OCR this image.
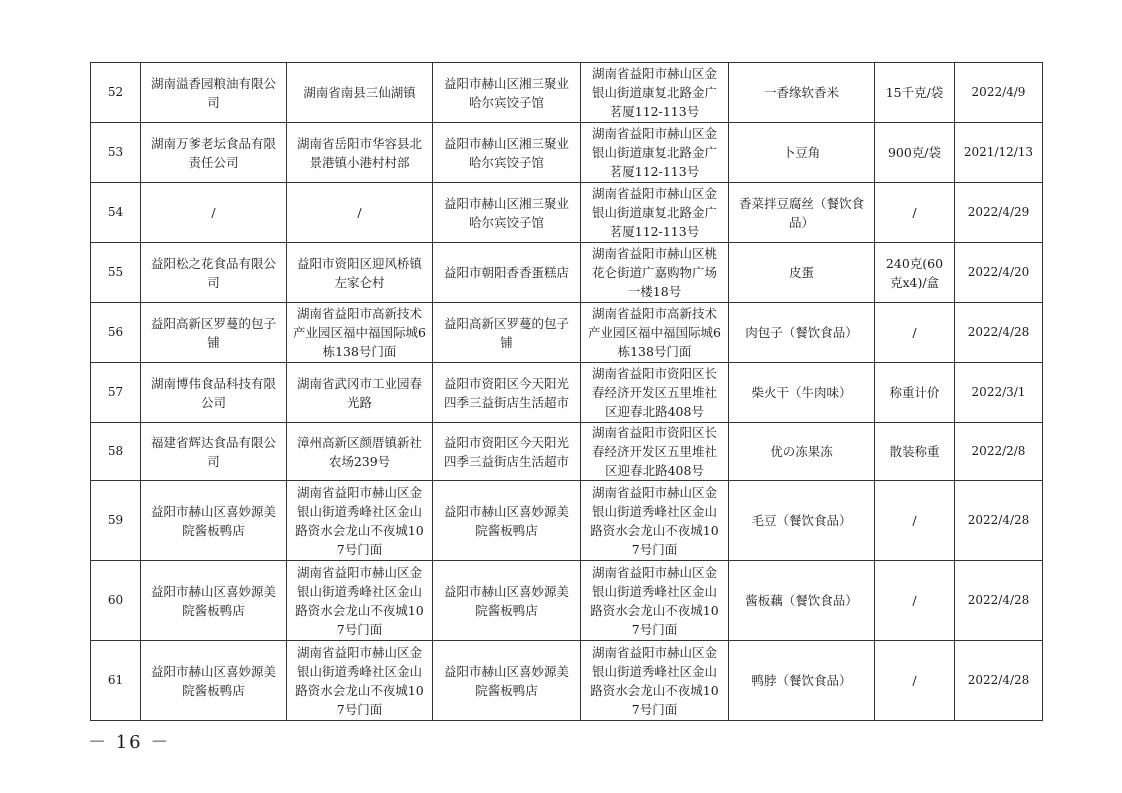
52	湖南溢香园粮油有限公司	湖南省南县三仙湖镇	益阳市赫山区湘三聚业哈尔宾饺子馆	湖南省益阳市赫山区金银山街道康复北路金广茗厦112-113号	一香缘软香米	15千克/袋	2022/4/9
53	湖南万爹老坛食品有限责任公司	湖南省岳阳市华容县北景港镇小港村村部	益阳市赫山区湘三聚业哈尔宾饺子馆	湖南省益阳市赫山区金银山街道康复北路金广茗厦112-113号	卜豆角	900克/袋	2021/12/13
54	/	/	益阳市赫山区湘三聚业哈尔宾饺子馆	湖南省益阳市赫山区金银山街道康复北路金广茗厦112-113号	香菜拌豆腐丝（餐饮食品）	/	2022/4/29
55	益阳松之花食品有限公司	益阳市资阳区迎风桥镇左家仑村	益阳市朝阳香香蛋糕店	湖南省益阳市赫山区桃花仑街道广嘉购物广场一楼18号	皮蛋	240克(60克x4)/盒	2022/4/20
56	益阳高新区罗蔓的包子铺	湖南省益阳市高新技术产业园区福中福国际城6栋138号门面	益阳高新区罗蔓的包子铺	湖南省益阳市高新技术产业园区福中福国际城6栋138号门面	肉包子（餐饮食品）	/	2022/4/28
57	湖南博伟食品科技有限公司	湖南省武冈市工业园春光路	益阳市资阳区今天阳光四季三益街店生活超市	湖南省益阳市资阳区长春经济开发区五里堆社区迎春北路408号	柴火干（牛肉味）	称重计价	2022/3/1
58	福建省辉达食品有限公司	漳州高新区颜厝镇新社农场239号	益阳市资阳区今天阳光四季三益街店生活超市	湖南省益阳市资阳区长春经济开发区五里堆社区迎春北路408号	优の冻果冻	散装称重	2022/2/8
59	益阳市赫山区喜妙源美院酱板鸭店	湖南省益阳市赫山区金银山街道秀峰社区金山路资水会龙山不夜城107号门面	益阳市赫山区喜妙源美院酱板鸭店	湖南省益阳市赫山区金银山街道秀峰社区金山路资水会龙山不夜城107号门面	毛豆（餐饮食品）	/	2022/4/28
60	益阳市赫山区喜妙源美院酱板鸭店	湖南省益阳市赫山区金银山街道秀峰社区金山路资水会龙山不夜城107号门面	益阳市赫山区喜妙源美院酱板鸭店	湖南省益阳市赫山区金银山街道秀峰社区金山路资水会龙山不夜城107号门面	酱板藕（餐饮食品）	/	2022/4/28
61	益阳市赫山区喜妙源美院酱板鸭店	湖南省益阳市赫山区金银山街道秀峰社区金山路资水会龙山不夜城107号门面	益阳市赫山区喜妙源美院酱板鸭店	湖南省益阳市赫山区金银山街道秀峰社区金山路资水会龙山不夜城107号门面	鸭脖（餐饮食品）	/	2022/4/28
－ 16 －
